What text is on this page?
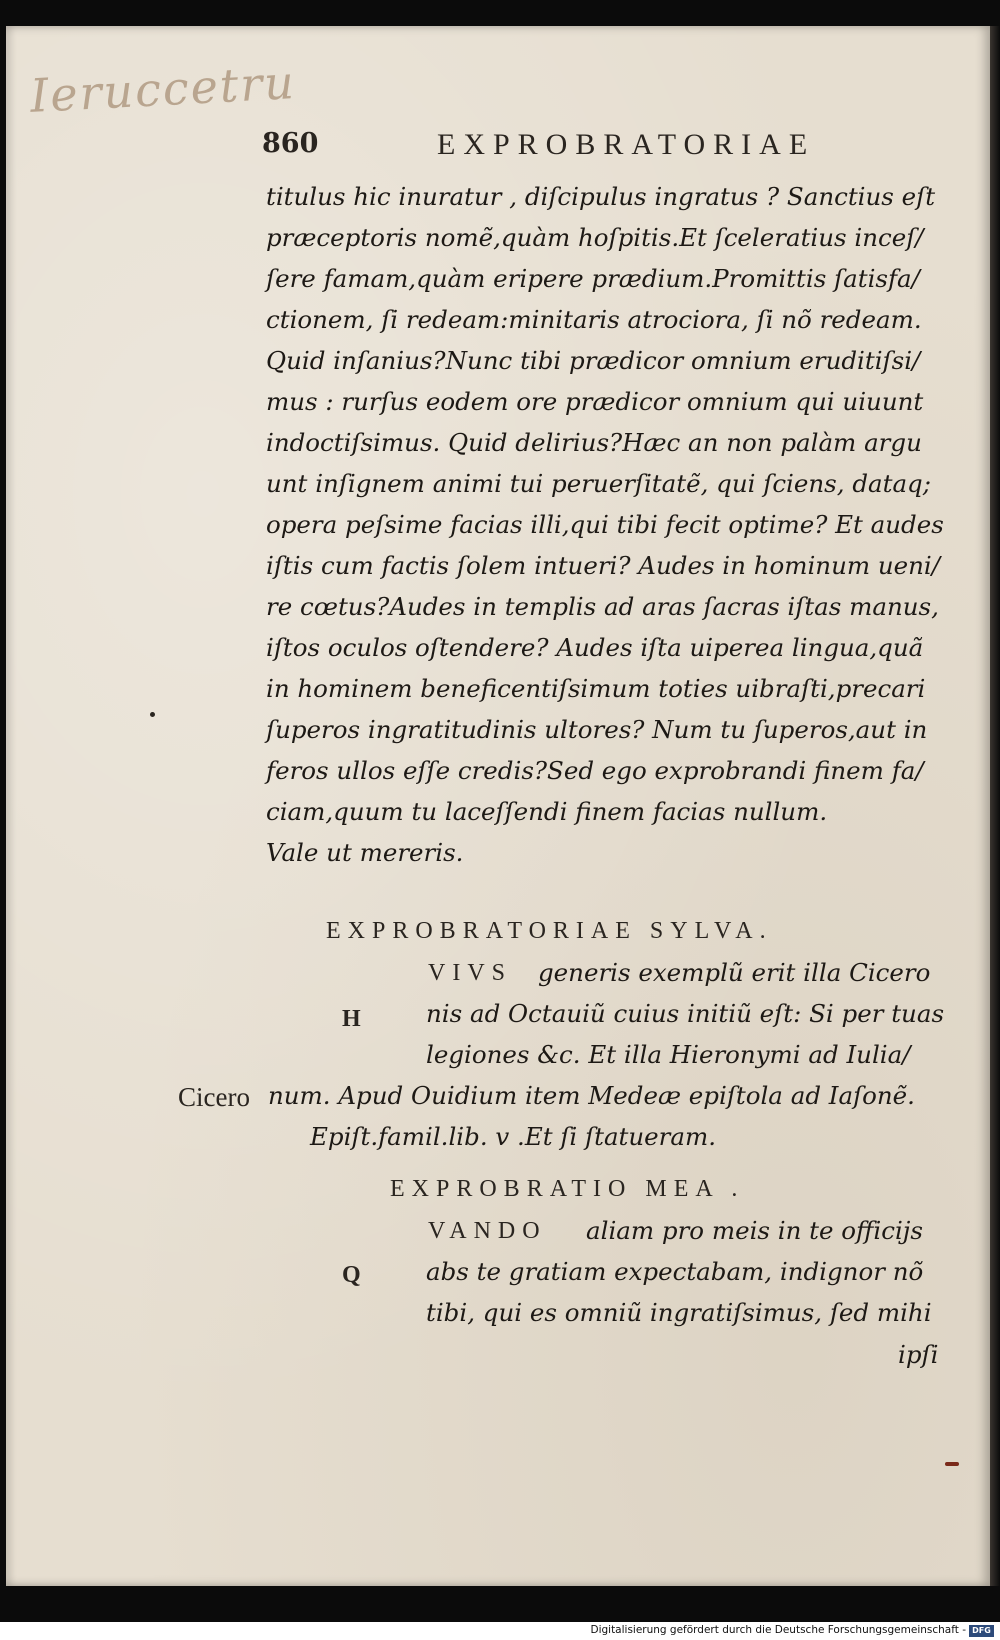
Ieruccetru
860	EXPROBRATORIAE
titulus hic inuratur , diſcipulus ingratus ? Sanctius eſt
præceptoris nomẽ,quàm hoſpitis.Et ſceleratius inceſ/
ſere famam,quàm eripere prædium.Promittis ſatisfa/
ctionem, ſi redeam:minitaris atrociora, ſi nõ redeam.
Quid inſanius?Nunc tibi prædicor omnium eruditiſsi/
mus : rurſus eodem ore prædicor omnium qui uiuunt
indoctiſsimus. Quid delirius?Hæc an non palàm argu
unt inſignem animi tui peruerſitatẽ, qui ſciens, dataq;
opera peſsime facias illi,qui tibi fecit optime? Et audes
iſtis cum factis ſolem intueri? Audes in hominum ueni/
re cœtus?Audes in templis ad aras ſacras iſtas manus,
iſtos oculos oſtendere? Audes iſta uiperea lingua,quã
in hominem beneficentiſsimum toties uibraſti,precari
ſuperos ingratitudinis ultores? Num tu ſuperos,aut in
feros ullos eſſe credis?Sed ego exprobrandi finem fa/
ciam,quum tu laceſſendi finem facias nullum.
Vale ut mereris.
EXPROBRATORIAE SYLVA.
VIVS
H
generis exemplũ erit illa Cicero
nis ad Octauiũ cuius initiũ eſt: Si per tuas
legiones &c. Et illa Hieronymi ad Iulia/
num. Apud Ouidium item Medeæ epiſtola ad Iaſonẽ.
Epiſt.famil.lib. v .Et ſi ſtatueram.
Cicero
EXPROBRATIO MEA .
VANDO
Q
aliam pro meis in te officijs
abs te gratiam expectabam, indignor nõ
tibi, qui es omniũ ingratiſsimus, ſed mihi
ipſi
Digitalisierung gefördert durch die Deutsche Forschungsgemeinschaft - DFG
